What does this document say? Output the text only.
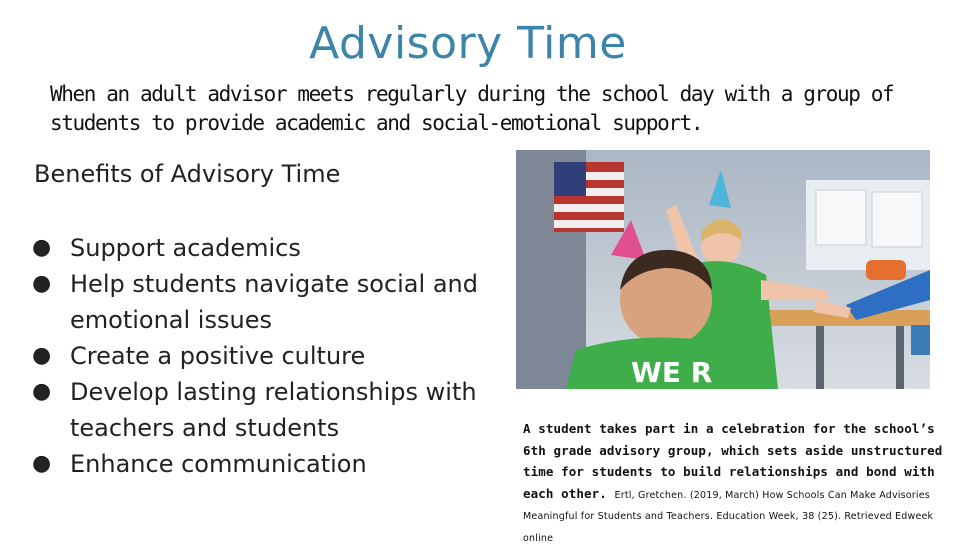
Advisory Time
When an adult advisor meets regularly during the school day with a group of students to provide academic and social-emotional support.
Benefits of Advisory Time
● Support academics
● Help students navigate social and emotional issues
● Create a positive culture
● Develop lasting relationships with teachers and students
● Enhance communication
WE R
A student takes part in a celebration for the school’s 6th grade advisory group, which sets aside unstructured time for students to build relationships and bond with each other. Ertl, Gretchen. (2019, March) How Schools Can Make Advisories Meaningful for Students and Teachers. Education Week, 38 (25). Retrieved Edweek online
